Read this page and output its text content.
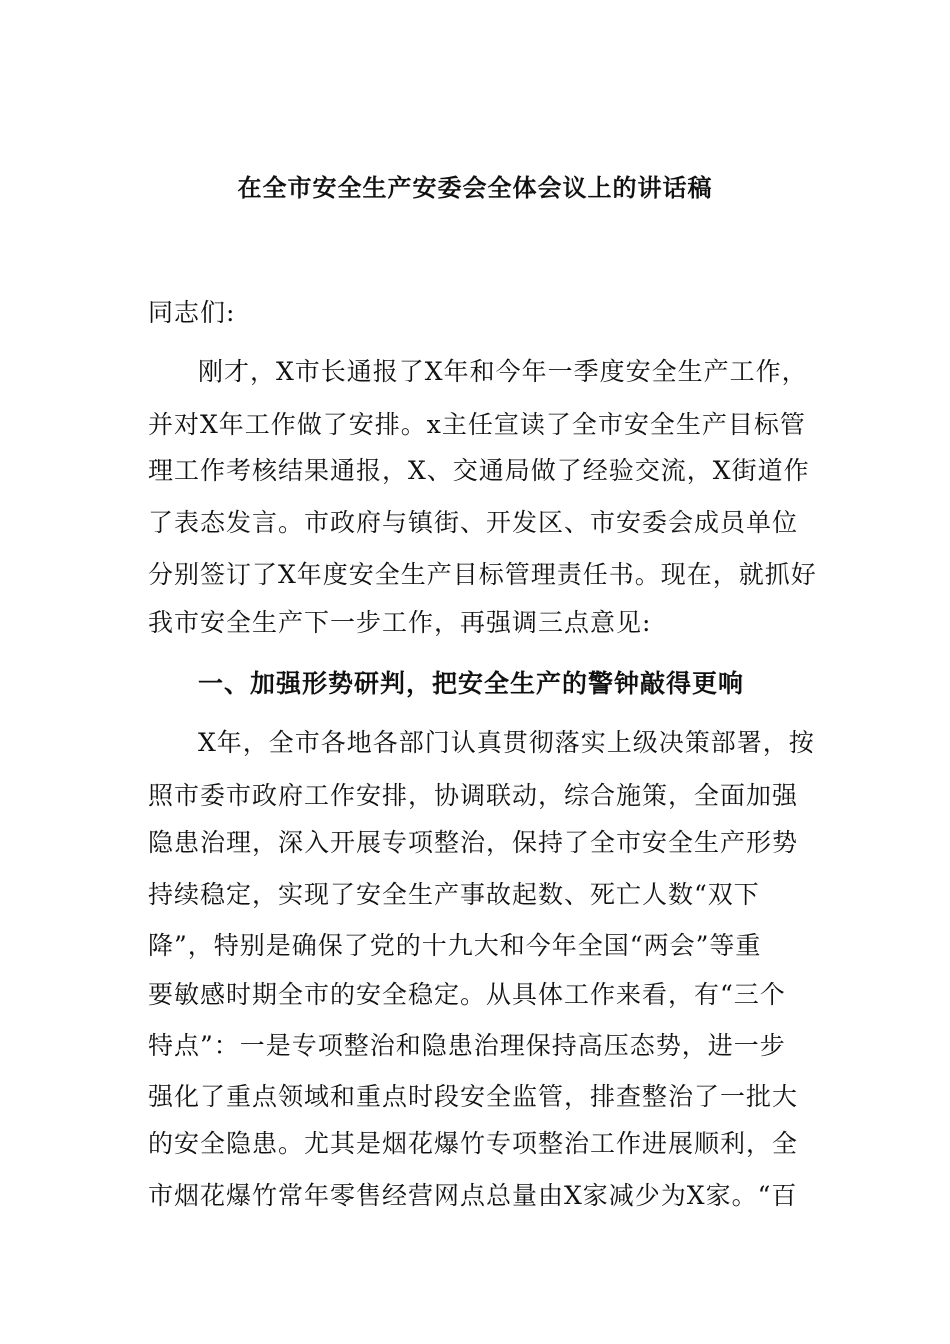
在全市安全生产安委会全体会议上的讲话稿
同志们:
刚才，X市长通报了X年和今年一季度安全生产工作，
并对X年工作做了安排。x主任宣读了全市安全生产目标管
理工作考核结果通报，X、交通局做了经验交流，X街道作
了表态发言。市政府与镇街、开发区、市安委会成员单位
分别签订了X年度安全生产目标管理责任书。现在，就抓好
我市安全生产下一步工作，再强调三点意见:
一、加强形势研判，把安全生产的警钟敲得更响
X年，全市各地各部门认真贯彻落实上级决策部署，按
照市委市政府工作安排，协调联动，综合施策，全面加强
隐患治理，深入开展专项整治，保持了全市安全生产形势
持续稳定，实现了安全生产事故起数、死亡人数“双下
降”，特别是确保了党的十九大和今年全国“两会”等重
要敏感时期全市的安全稳定。从具体工作来看，有“三个
特点”：一是专项整治和隐患治理保持高压态势，进一步
强化了重点领域和重点时段安全监管，排查整治了一批大
的安全隐患。尤其是烟花爆竹专项整治工作进展顺利，全
市烟花爆竹常年零售经营网点总量由X家减少为X家。“百
